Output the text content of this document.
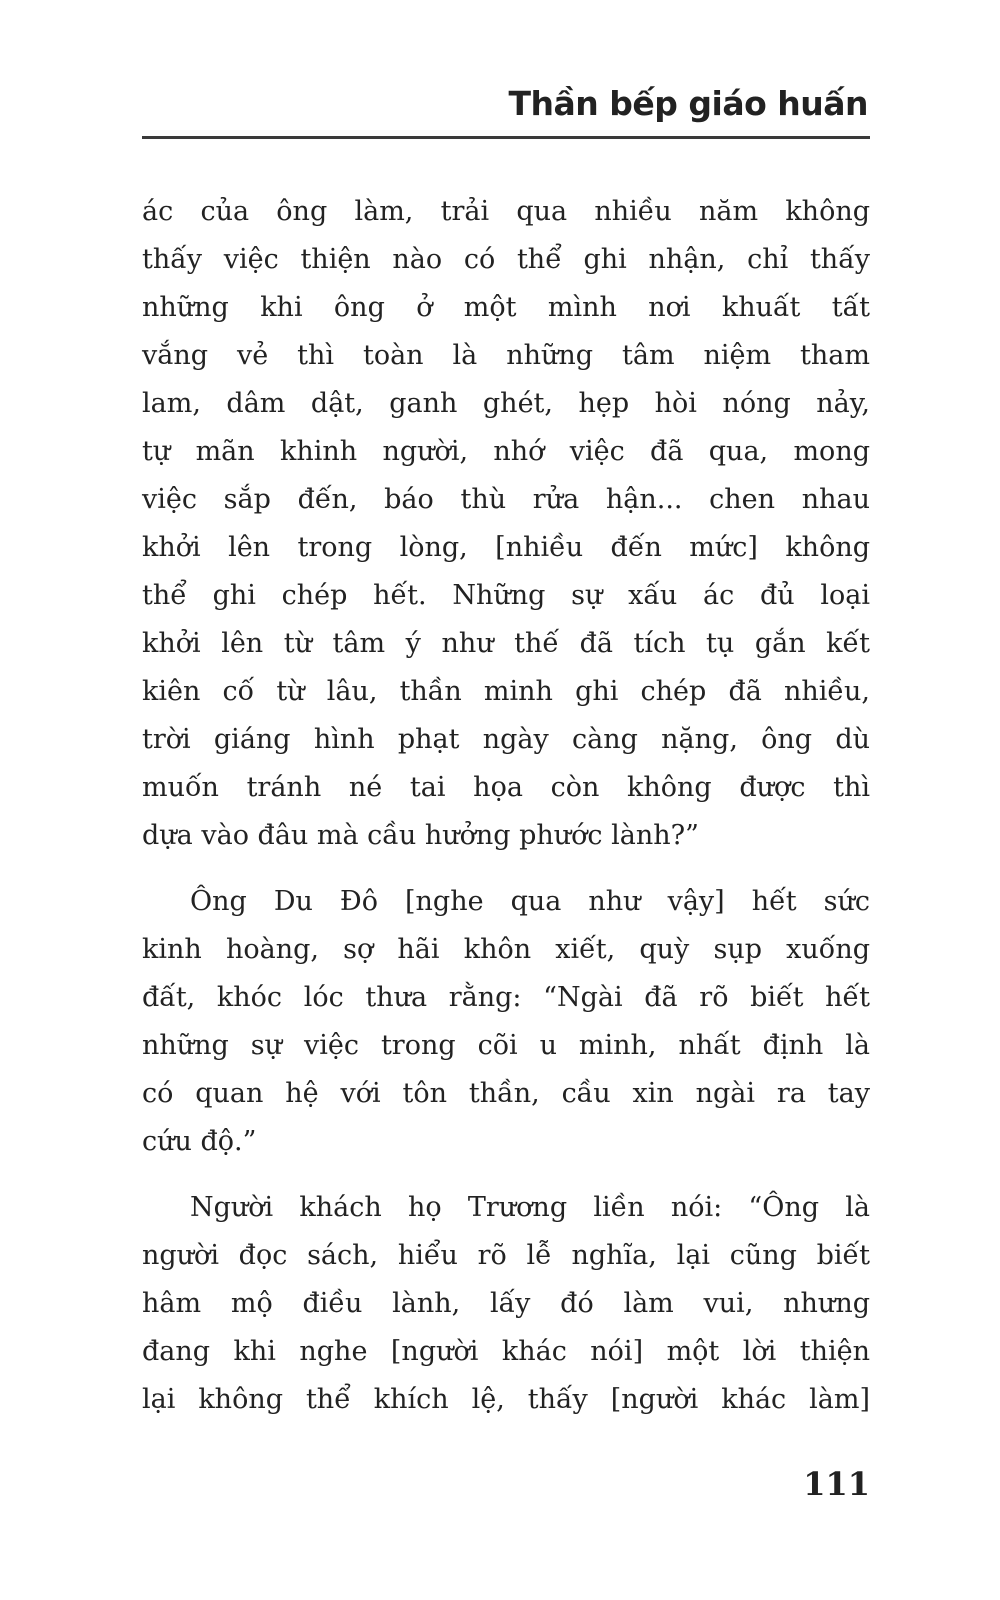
Thần bếp giáo huấn

ác của ông làm, trải qua nhiều năm không
thấy việc thiện nào có thể ghi nhận, chỉ thấy
những khi ông ở một mình nơi khuất tất
vắng vẻ thì toàn là những tâm niệm tham
lam, dâm dật, ganh ghét, hẹp hòi nóng nảy,
tự mãn khinh người, nhớ việc đã qua, mong
việc sắp đến, báo thù rửa hận... chen nhau
khởi lên trong lòng, [nhiều đến mức] không
thể ghi chép hết. Những sự xấu ác đủ loại
khởi lên từ tâm ý như thế đã tích tụ gắn kết
kiên cố từ lâu, thần minh ghi chép đã nhiều,
trời giáng hình phạt ngày càng nặng, ông dù
muốn tránh né tai họa còn không được thì
dựa vào đâu mà cầu hưởng phước lành?”

Ông Du Đô [nghe qua như vậy] hết sức
kinh hoàng, sợ hãi khôn xiết, quỳ sụp xuống
đất, khóc lóc thưa rằng: “Ngài đã rõ biết hết
những sự việc trong cõi u minh, nhất định là
có quan hệ với tôn thần, cầu xin ngài ra tay
cứu độ.”

Người khách họ Trương liền nói: “Ông là
người đọc sách, hiểu rõ lễ nghĩa, lại cũng biết
hâm mộ điều lành, lấy đó làm vui, nhưng
đang khi nghe [người khác nói] một lời thiện
lại không thể khích lệ, thấy [người khác làm]

111
